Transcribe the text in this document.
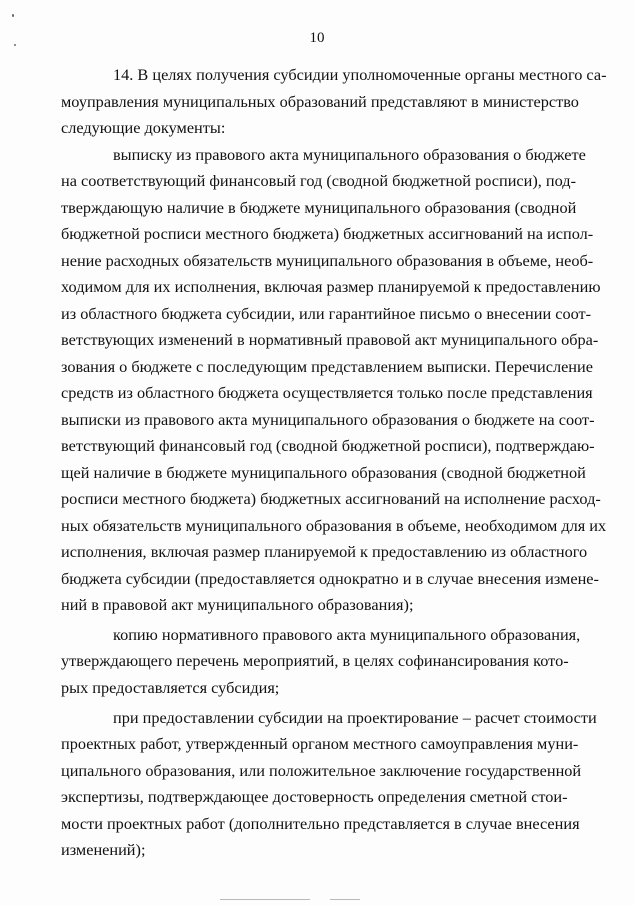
10
14. В целях получения субсидии уполномоченные органы местного са-
моуправления муниципальных образований представляют в министерство
следующие документы:
выписку из правового акта муниципального образования о бюджете
на соответствующий финансовый год (сводной бюджетной росписи), под-
тверждающую наличие в бюджете муниципального образования (сводной
бюджетной росписи местного бюджета) бюджетных ассигнований на испол-
нение расходных обязательств муниципального образования в объеме, необ-
ходимом для их исполнения, включая размер планируемой к предоставлению
из областного бюджета субсидии, или гарантийное письмо о внесении соот-
ветствующих изменений в нормативный правовой акт муниципального обра-
зования о бюджете с последующим представлением выписки. Перечисление
средств из областного бюджета осуществляется только после представления
выписки из правового акта муниципального образования о бюджете на соот-
ветствующий финансовый год (сводной бюджетной росписи), подтверждаю-
щей наличие в бюджете муниципального образования (сводной бюджетной
росписи местного бюджета) бюджетных ассигнований на исполнение расход-
ных обязательств муниципального образования в объеме, необходимом для их
исполнения, включая размер планируемой к предоставлению из областного
бюджета субсидии (предоставляется однократно и в случае внесения измене-
ний в правовой акт муниципального образования);
копию нормативного правового акта муниципального образования,
утверждающего перечень мероприятий, в целях софинансирования кото-
рых предоставляется субсидия;
при предоставлении субсидии на проектирование – расчет стоимости
проектных работ, утвержденный органом местного самоуправления муни-
ципального образования, или положительное заключение государственной
экспертизы, подтверждающее достоверность определения сметной стои-
мости проектных работ (дополнительно представляется в случае внесения
изменений);
